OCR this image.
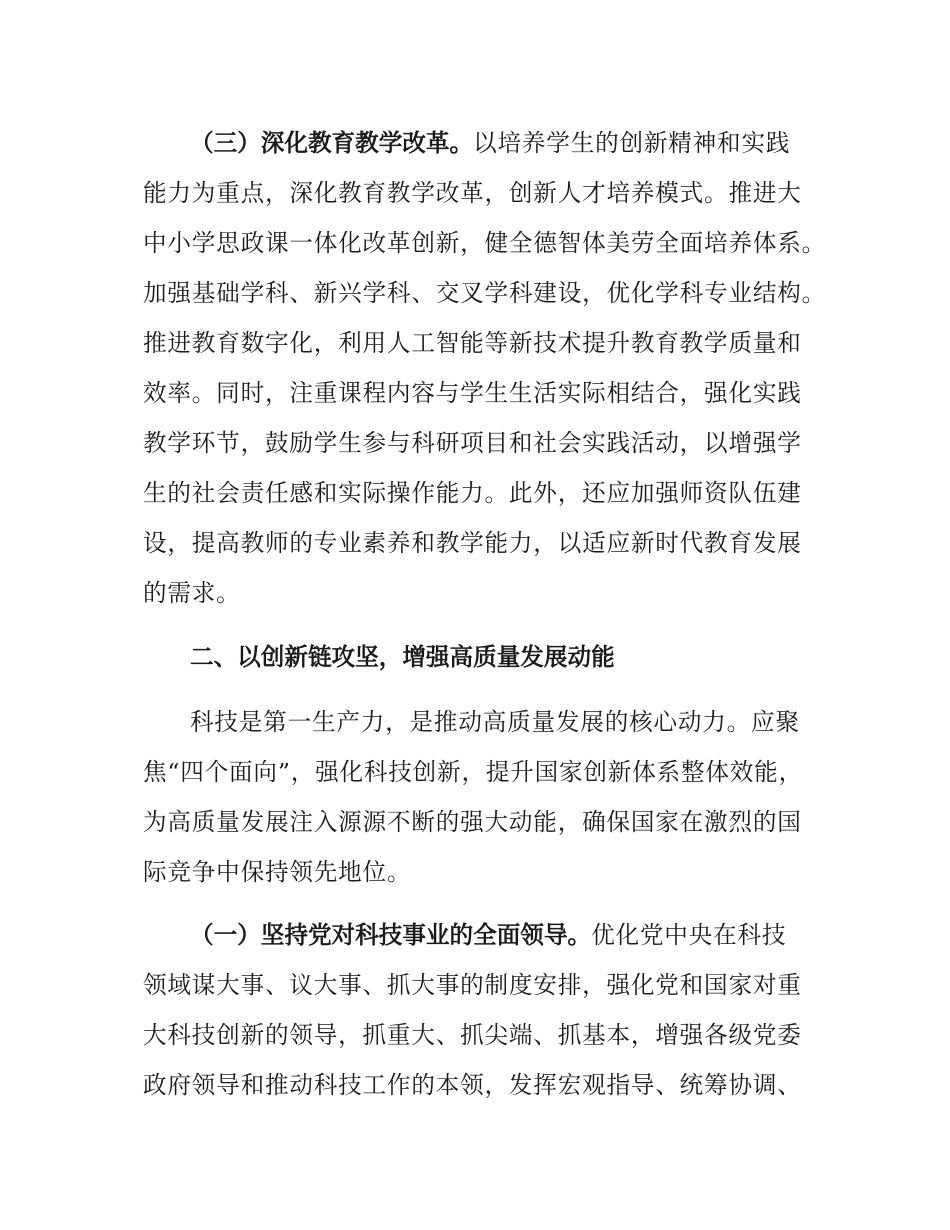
（三）深化教育教学改革。以培养学生的创新精神和实践
能力为重点，深化教育教学改革，创新人才培养模式。推进大
中小学思政课一体化改革创新，健全德智体美劳全面培养体系。
加强基础学科、新兴学科、交叉学科建设，优化学科专业结构。
推进教育数字化，利用人工智能等新技术提升教育教学质量和
效率。同时，注重课程内容与学生生活实际相结合，强化实践
教学环节，鼓励学生参与科研项目和社会实践活动，以增强学
生的社会责任感和实际操作能力。此外，还应加强师资队伍建
设，提高教师的专业素养和教学能力，以适应新时代教育发展
的需求。
二、以创新链攻坚，增强高质量发展动能
科技是第一生产力，是推动高质量发展的核心动力。应聚
焦“四个面向”，强化科技创新，提升国家创新体系整体效能，
为高质量发展注入源源不断的强大动能，确保国家在激烈的国
际竞争中保持领先地位。
（一）坚持党对科技事业的全面领导。优化党中央在科技
领域谋大事、议大事、抓大事的制度安排，强化党和国家对重
大科技创新的领导，抓重大、抓尖端、抓基本，增强各级党委
政府领导和推动科技工作的本领，发挥宏观指导、统筹协调、
